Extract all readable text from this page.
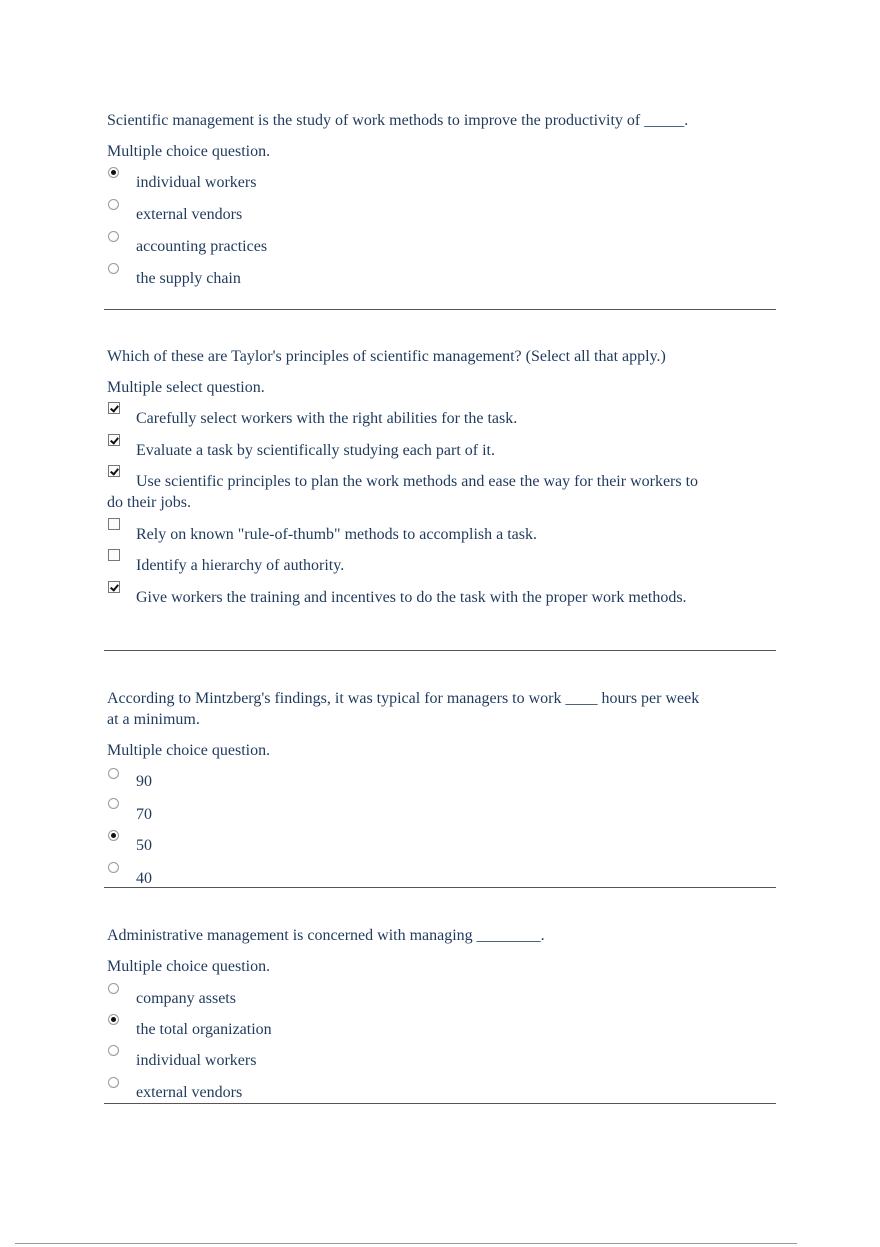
Scientific management is the study of work methods to improve the productivity of _____.
Multiple choice question.
individual workers
external vendors
accounting practices
the supply chain
Which of these are Taylor's principles of scientific management? (Select all that apply.)
Multiple select question.
Carefully select workers with the right abilities for the task.
Evaluate a task by scientifically studying each part of it.
Use scientific principles to plan the work methods and ease the way for their workers to do their jobs.
Rely on known "rule-of-thumb" methods to accomplish a task.
Identify a hierarchy of authority.
Give workers the training and incentives to do the task with the proper work methods.
According to Mintzberg's findings, it was typical for managers to work ____ hours per week at a minimum.
Multiple choice question.
90
70
50
40
Administrative management is concerned with managing ________.
Multiple choice question.
company assets
the total organization
individual workers
external vendors
